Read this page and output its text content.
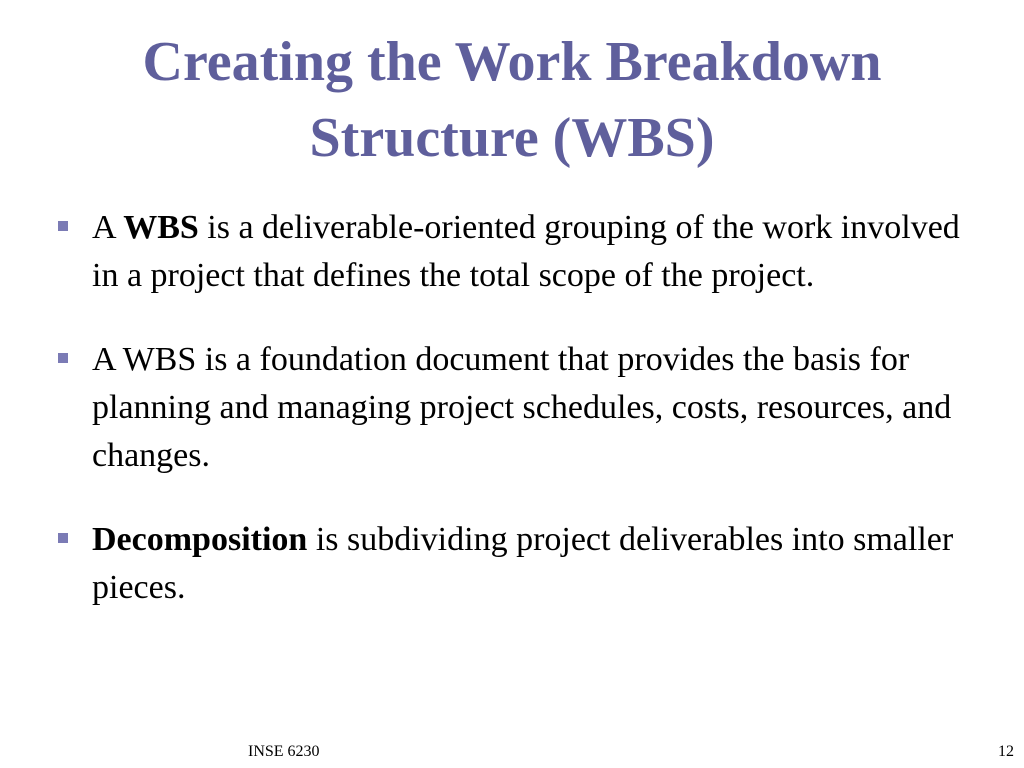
Creating the Work Breakdown
Structure (WBS)
A WBS is a deliverable-oriented grouping of the work involved in a project that defines the total scope of the project.
A WBS is a foundation document that provides the basis for planning and managing project schedules, costs, resources, and changes.
Decomposition is subdividing project deliverables into smaller pieces.
INSE 6230	12
